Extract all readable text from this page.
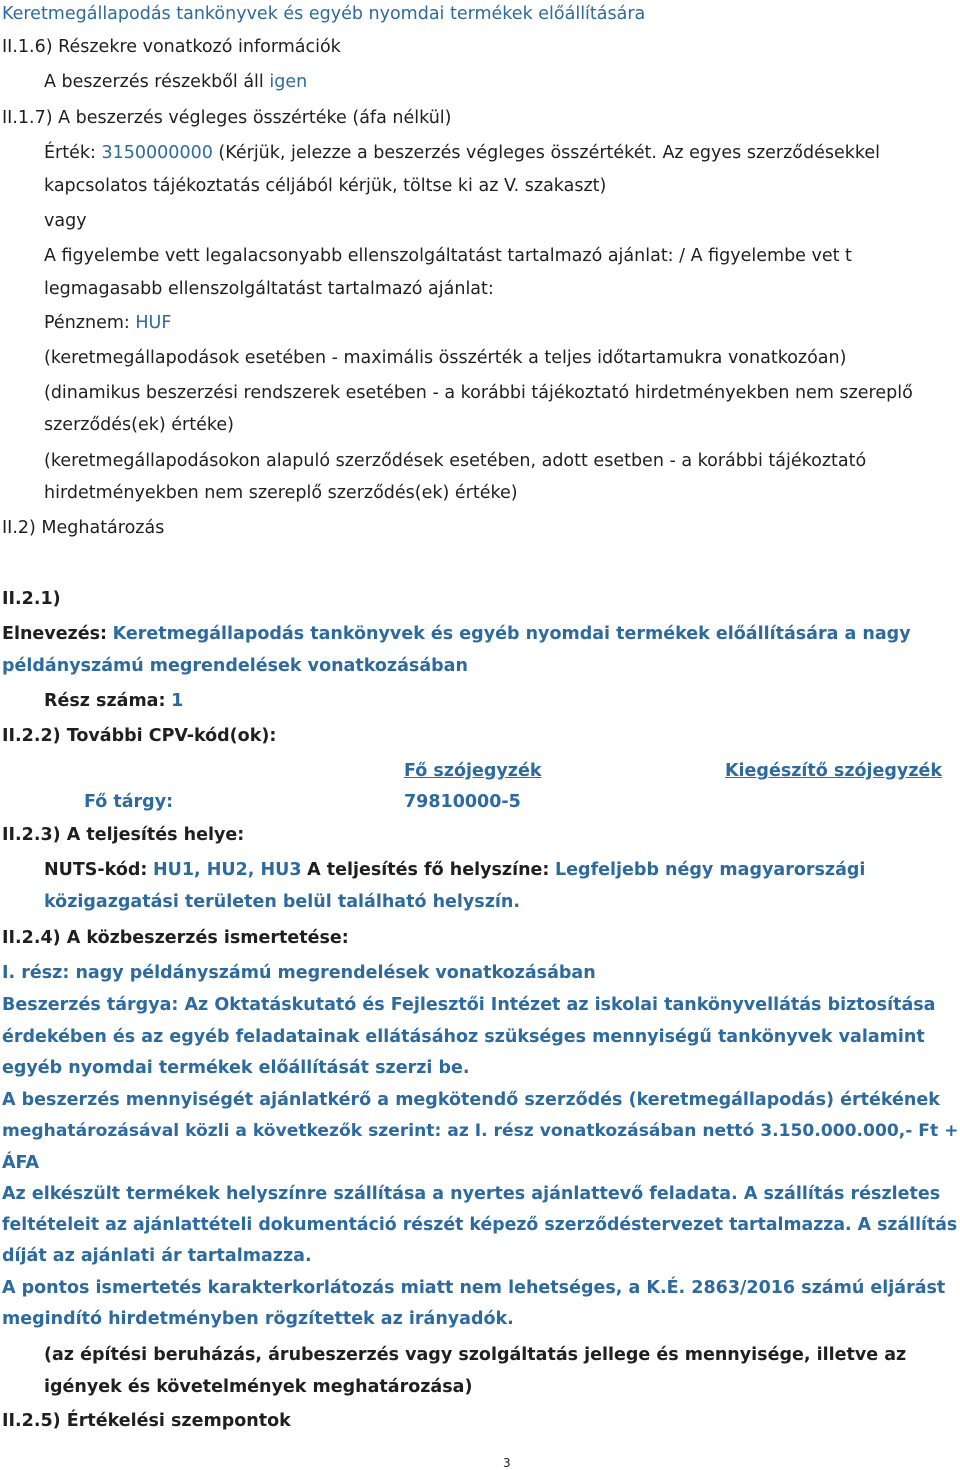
Keretmegállapodás tankönyvek és egyéb nyomdai termékek előállítására
II.1.6) Részekre vonatkozó információk
A beszerzés részekből áll igen
II.1.7) A beszerzés végleges összértéke (áfa nélkül)
Érték: 3150000000 (Kérjük, jelezze a beszerzés végleges összértékét. Az egyes szerződésekkel
kapcsolatos tájékoztatás céljából kérjük, töltse ki az V. szakaszt)
vagy
A figyelembe vett legalacsonyabb ellenszolgáltatást tartalmazó ajánlat: / A figyelembe vet t
legmagasabb ellenszolgáltatást tartalmazó ajánlat:
Pénznem: HUF
(keretmegállapodások esetében - maximális összérték a teljes időtartamukra vonatkozóan)
(dinamikus beszerzési rendszerek esetében - a korábbi tájékoztató hirdetményekben nem szereplő
szerződés(ek) értéke)
(keretmegállapodásokon alapuló szerződések esetében, adott esetben - a korábbi tájékoztató
hirdetményekben nem szereplő szerződés(ek) értéke)
II.2) Meghatározás
II.2.1)
Elnevezés: Keretmegállapodás tankönyvek és egyéb nyomdai termékek előállítására a nagy
példányszámú megrendelések vonatkozásában
Rész száma: 1
II.2.2) További CPV-kód(ok):
Fő szójegyzék	Kiegészítő szójegyzék
Fő tárgy:	79810000-5
II.2.3) A teljesítés helye:
NUTS-kód: HU1, HU2, HU3 A teljesítés fő helyszíne: Legfeljebb négy magyarországi
közigazgatási területen belül található helyszín.
II.2.4) A közbeszerzés ismertetése:
I. rész: nagy példányszámú megrendelések vonatkozásában
Beszerzés tárgya: Az Oktatáskutató és Fejlesztői Intézet az iskolai tankönyvellátás biztosítása
érdekében és az egyéb feladatainak ellátásához szükséges mennyiségű tankönyvek valamint
egyéb nyomdai termékek előállítását szerzi be.
A beszerzés mennyiségét ajánlatkérő a megkötendő szerződés (keretmegállapodás) értékének
meghatározásával közli a következők szerint: az I. rész vonatkozásában nettó 3.150.000.000,- Ft +
ÁFA
Az elkészült termékek helyszínre szállítása a nyertes ajánlattevő feladata. A szállítás részletes
feltételeit az ajánlattételi dokumentáció részét képező szerződéstervezet tartalmazza. A szállítás
díját az ajánlati ár tartalmazza.
A pontos ismertetés karakterkorlátozás miatt nem lehetséges, a K.É. 2863/2016 számú eljárást
megindító hirdetményben rögzítettek az irányadók.
(az építési beruházás, árubeszerzés vagy szolgáltatás jellege és mennyisége, illetve az
igények és követelmények meghatározása)
II.2.5) Értékelési szempontok
3
